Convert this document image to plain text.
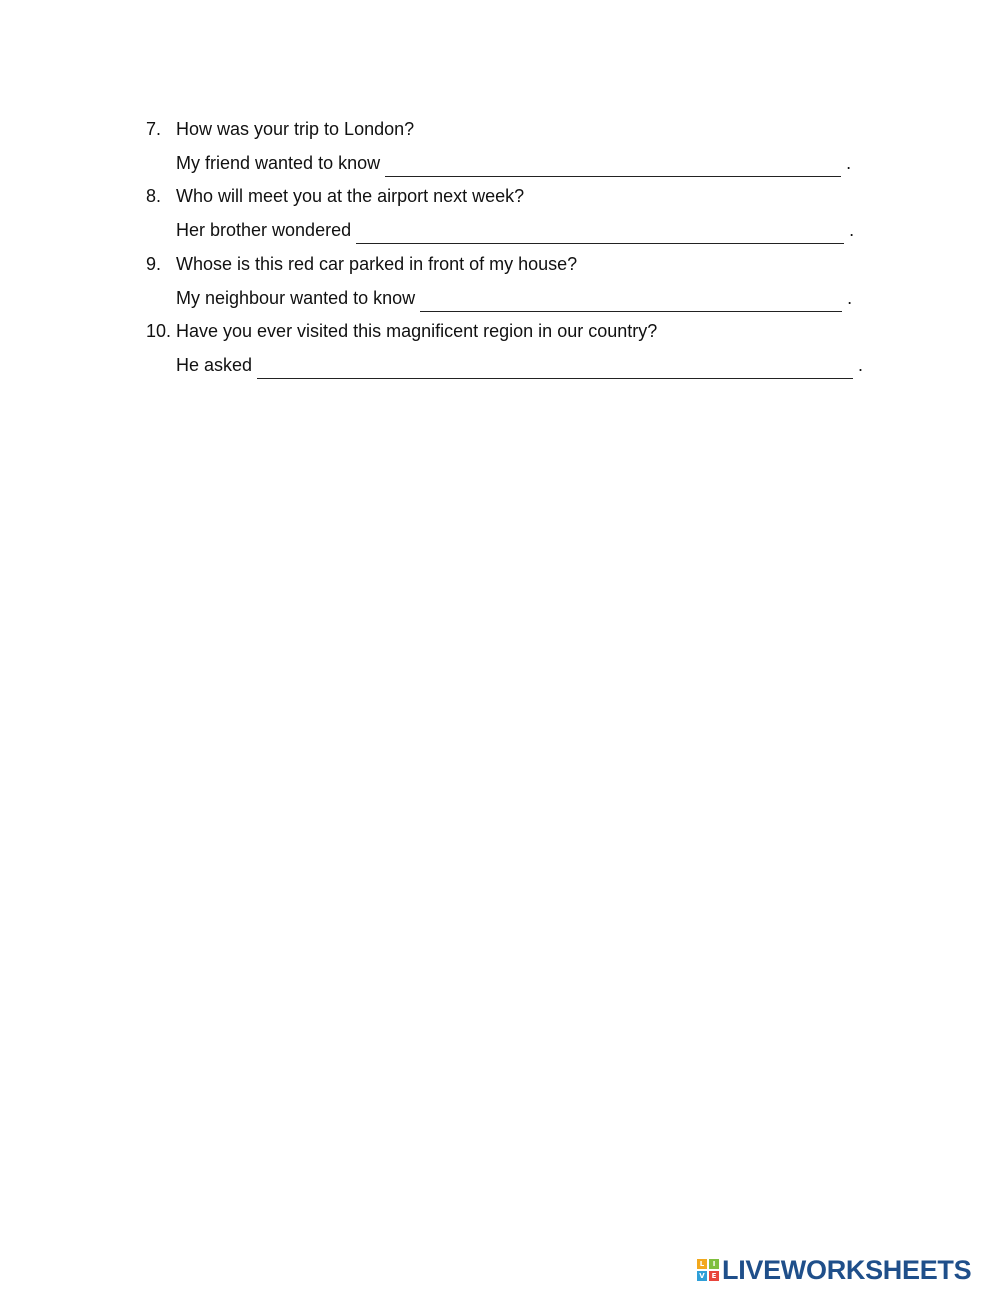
7. How was your trip to London?
My friend wanted to know	.
8. Who will meet you at the airport next week?
Her brother wondered	.
9. Whose is this red car parked in front of my house?
My neighbour wanted to know	.
10. Have you ever visited this magnificent region in our country?
He asked	.
L	I
V E LIVEWORKSHEETS
